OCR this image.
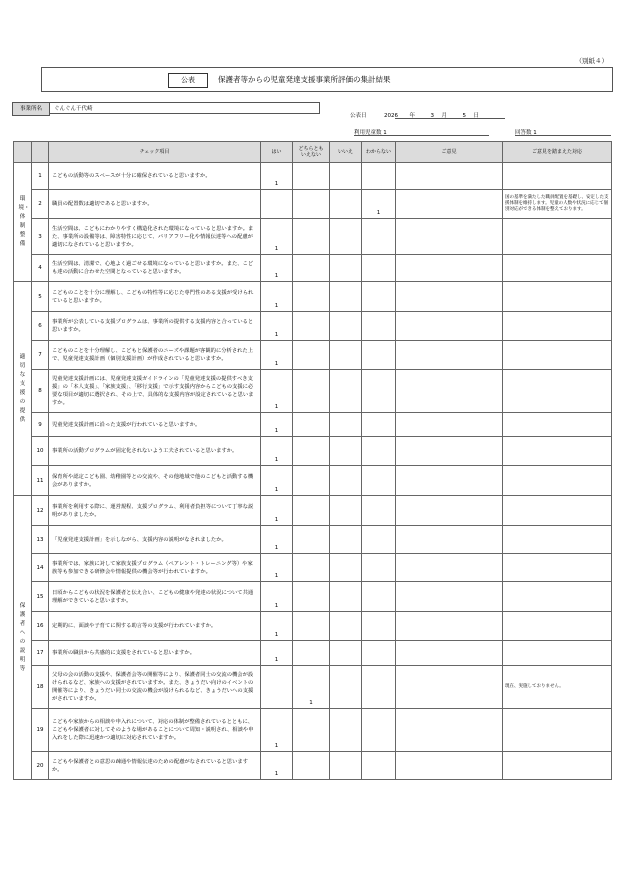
（別紙４）
公表	保護者等からの児童発達支援事業所評価の集計結果
事業所名	ぐんぐん千代崎
公表日	2026 年	3 月	5 日
利用児童数 1	回答数 1
		チェック項目	はい	どちらとも
いえない	いいえ	わからない	ご意見	ご意見を踏まえた対応

環境・体制整備	1	こどもの活動等のスペースが十分に確保されていると思いますか。	1					
	2	職員の配置数は適切であると思いますか。				1		国の基準を満たした職員配置を基礎し、安定した支援体制を維持します。児童の人数や状況に応じて個別対応ができる体制を整えております。
	3	生活空間は、こどもにわかりやすく構造化された環境になっていると思いますか。また、事業所の設備等は、障害特性に応じて、バリアフリー化や情報伝達等への配慮が適切になされていると思いますか。	1					
	4	生活空間は、清潔で、心地よく過ごせる環境になっていると思いますか。また、こども達の活動に合わせた空間となっていると思いますか。	1					

適切な支援の提供	5	こどものことを十分に理解し、こどもの特性等に応じた専門性のある支援が受けられていると思いますか。	1					
	6	事業所が公表している支援プログラムは、事業所の提供する支援内容と合っていると思いますか。	1					
	7	こどものことを十分理解し、こどもと保護者のニーズや課題が客観的に分析された上で、児童発達支援計画（個別支援計画）が作成されていると思いますか。	1					
	8	児童発達支援計画には、児童発達支援ガイドラインの「児童発達支援の提供すべき支援」の「本人支援」、「家族支援」、「移行支援」で示す支援内容からこどもの支援に必要な項目が適切に選択され、その上で、具体的な支援内容が設定されていると思いますか。	1					
	9	児童発達支援計画に沿った支援が行われていると思いますか。	1					
	10	事業所の活動プログラムが固定化されないよう工夫されていると思いますか。	1					
	11	保育所や認定こども園、幼稚園等との交流や、その他地域で他のこどもと活動する機会がありますか。	1					

保護者への説明等	12	事業所を利用する際に、運営規程、支援プログラム、利用者負担等について丁寧な説明がありましたか。	1					
	13	「児童発達支援計画」を示しながら、支援内容の説明がなされましたか。	1					
	14	事業所では、家族に対して家族支援プログラム（ペアレント・トレーニング等）や家族等も参加できる研修会や情報提供の機会等が行われていますか。	1					
	15	日頃からこどもの状況を保護者と伝え合い、こどもの健康や発達の状況について共通理解ができていると思いますか。	1					
	16	定期的に、面談や子育てに関する助言等の支援が行われていますか。	1					
	17	事業所の職員から共感的に支援をされていると思いますか。	1					
	18	父母の会の活動の支援や、保護者会等の開催等により、保護者同士の交流の機会が設けられるなど、家族への支援がされていますか。また、きょうだい向けのイベントの開催等により、きょうだい同士の交流の機会が設けられるなど、きょうだいへの支援がされていますか。		1				現在、実施しておりません。
	19	こどもや家族からの相談や申入れについて、対応の体制が整備されているとともに、こどもや保護者に対してそのような場があることについて周知・説明され、相談や申入れをした際に迅速かつ適切に対応されていますか。	1					
	20	こどもや保護者との意思の疎通や情報伝達のための配慮がなされていると思いますか。	1					
